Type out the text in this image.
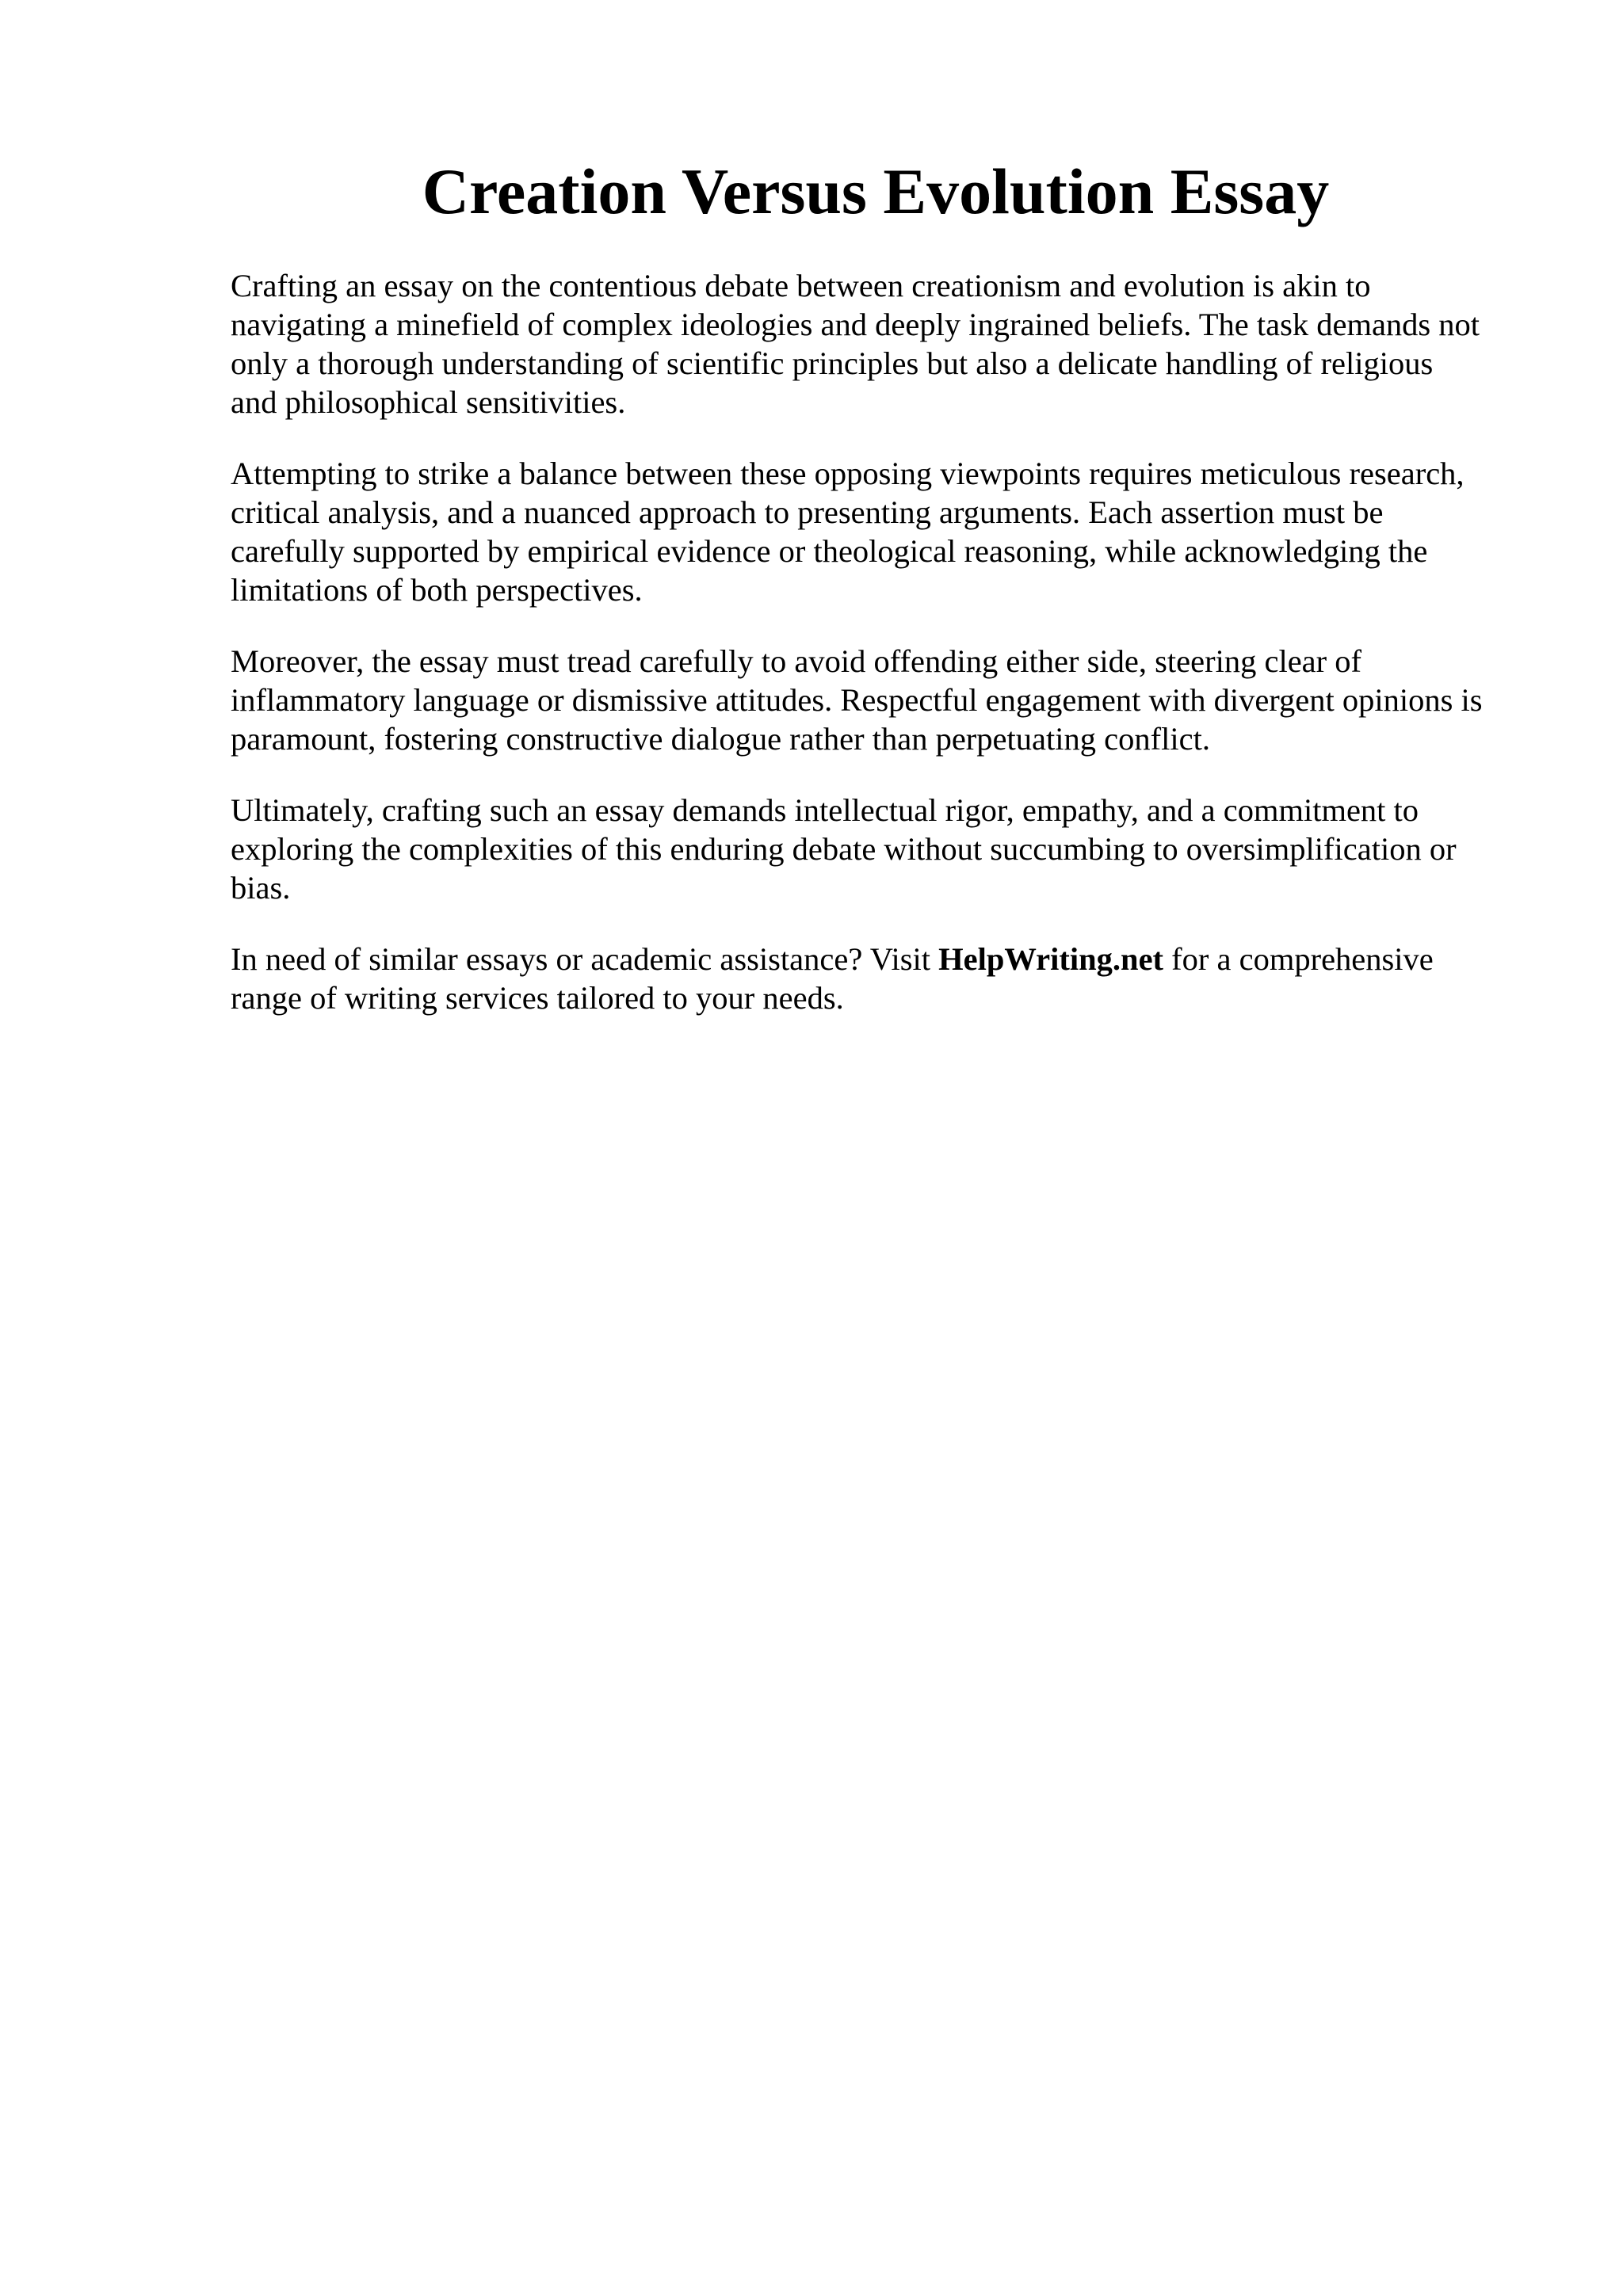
Creation Versus Evolution Essay

Crafting an essay on the contentious debate between creationism and evolution is akin to
navigating a minefield of complex ideologies and deeply ingrained beliefs. The task demands not
only a thorough understanding of scientific principles but also a delicate handling of religious
and philosophical sensitivities.

Attempting to strike a balance between these opposing viewpoints requires meticulous research,
critical analysis, and a nuanced approach to presenting arguments. Each assertion must be
carefully supported by empirical evidence or theological reasoning, while acknowledging the
limitations of both perspectives.

Moreover, the essay must tread carefully to avoid offending either side, steering clear of
inflammatory language or dismissive attitudes. Respectful engagement with divergent opinions is
paramount, fostering constructive dialogue rather than perpetuating conflict.

Ultimately, crafting such an essay demands intellectual rigor, empathy, and a commitment to
exploring the complexities of this enduring debate without succumbing to oversimplification or
bias.

In need of similar essays or academic assistance? Visit HelpWriting.net for a comprehensive
range of writing services tailored to your needs.
